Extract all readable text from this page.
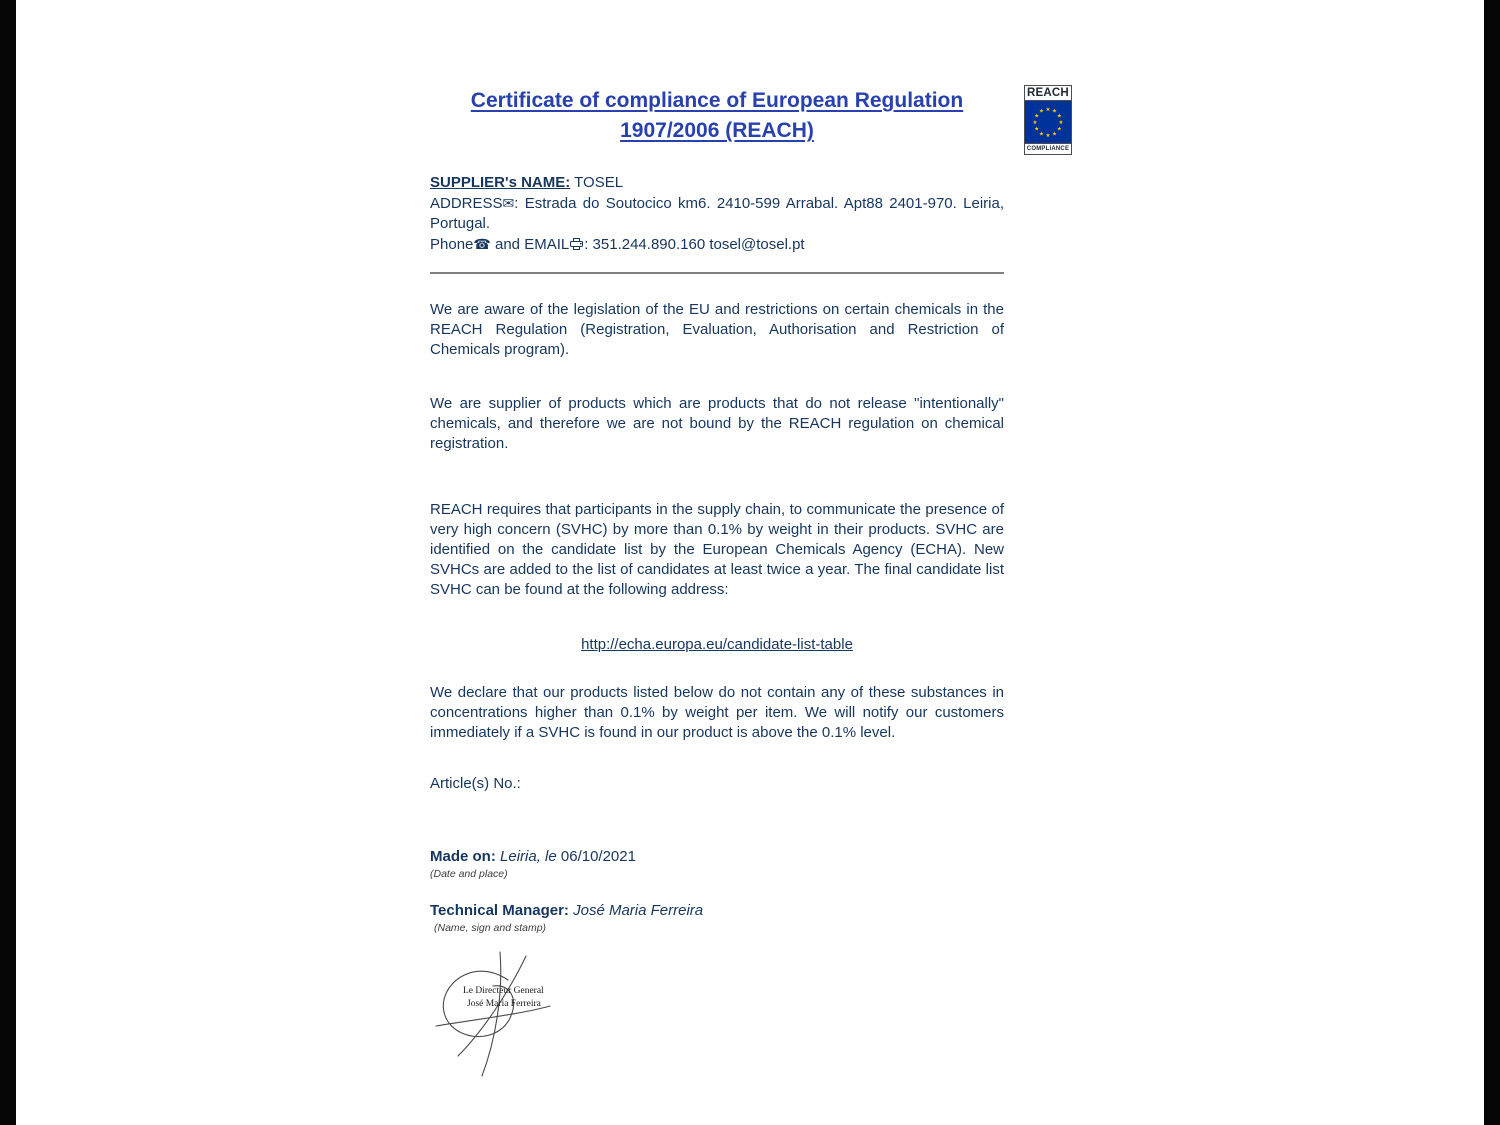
REACH
★ ★
★
★
★
★
★
★
★
★
★
★
COMPLIANCE
Certificate of compliance of European Regulation
1907/2006 (REACH)

SUPPLIER's NAME: TOSEL

ADDRESS✉: Estrada do Soutocico km6. 2410-599 Arrabal. Apt88 2401-970. Leiria, Portugal.

Phone☎ and EMAIL : 351.244.890.160 tosel@tosel.pt

We are aware of the legislation of the EU and restrictions on certain chemicals in the REACH Regulation (Registration, Evaluation, Authorisation and Restriction of Chemicals program).

We are supplier of products which are products that do not release "intentionally" chemicals, and therefore we are not bound by the REACH regulation on chemical registration.

REACH requires that participants in the supply chain, to communicate the presence of very high concern (SVHC) by more than 0.1% by weight in their products. SVHC are identified on the candidate list by the European Chemicals Agency (ECHA). New SVHCs are added to the list of candidates at least twice a year. The final candidate list SVHC can be found at the following address:

http://echa.europa.eu/candidate-list-table

We declare that our products listed below do not contain any of these substances in concentrations higher than 0.1% by weight per item. We will notify our customers immediately if a SVHC is found in our product is above the 0.1% level.

Article(s) No.:

Made on: Leiria, le 06/10/2021

(Date and place)

Technical Manager: José Maria Ferreira

(Name, sign and stamp)

Le Directeur General
José Maria Ferreira
